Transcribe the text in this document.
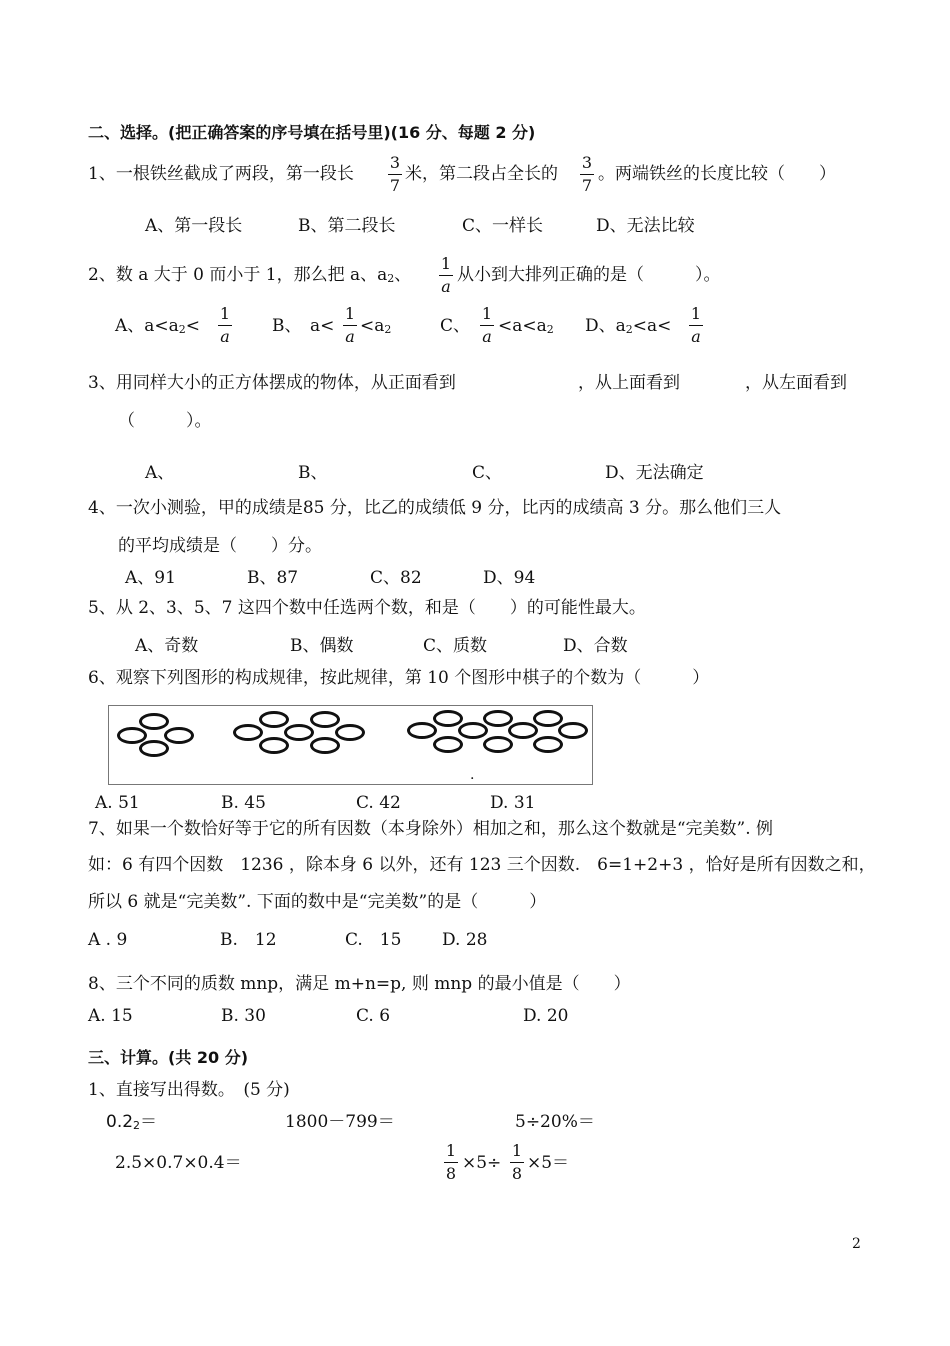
二、选择。(把正确答案的序号填在括号里)(16 分、每题 2 分)
1、一根铁丝截成了两段，第一段长
3
7
米，第二段占全长的
3
7
。两端铁丝的长度比较（　　）
A、第一段长	B、第二段长	C、一样长	D、无法比较
2、数 a 大于 0 而小于 1，那么把 a、a2、
1
a
从小到大排列正确的是（　　　）。
A、a<a2<
1
a
B、　a<
1
a
<a2	C、
1
a
<a<a2 D、a2<a<
1
a
3、用同样大小的正方体摆成的物体，从正面看到	，从上面看到	，从左面看到
（　　　）。
A、	B、	C、	D、无法确定
4、一次小测验，甲的成绩是85 分，比乙的成绩低 9 分，比丙的成绩高 3 分。那么他们三人
的平均成绩是（　　）分。
A、91	B、87	C、82	D、94
5、从 2、3、5、7 这四个数中任选两个数，和是（　　）的可能性最大。
A、奇数	B、偶数	C、质数	D、合数
6、观察下列图形的构成规律，按此规律，第 10 个图形中棋子的个数为（　　　）
.
A. 51	B. 45	C. 42	D. 31
7、如果一个数恰好等于它的所有因数（本身除外）相加之和，那么这个数就是“完美数”. 例
如：6 有四个因数　1236 ，除本身 6 以外，还有 123 三个因数.　6=1+2+3 ，恰好是所有因数之和，
所以 6 就是“完美数”. 下面的数中是“完美数”的是（　　　）
A . 9	B.　12	C.　15 D. 28
8、三个不同的质数 mnp，满足 m+n=p, 则 mnp 的最小值是（　　）
A. 15	B. 30	C. 6	D. 20
三、计算。(共 20 分)
1、直接写出得数。　(5 分)
0.22＝	1800－799＝	5÷20%＝
2.5×0.7×0.4＝
1
8
×5÷
1
8
×5＝
2
